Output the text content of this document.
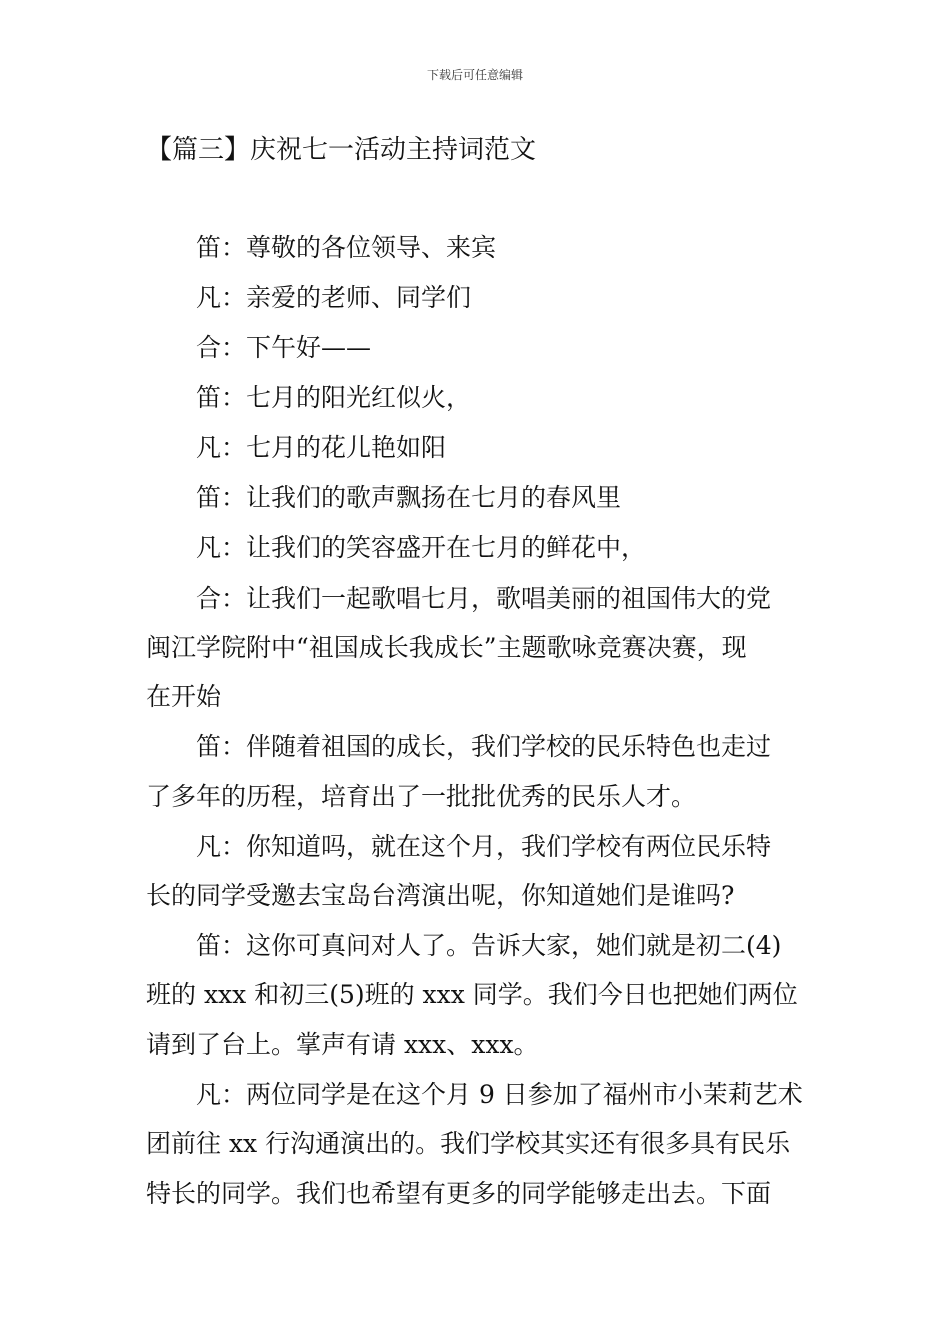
下载后可任意编辑
【篇三】庆祝七一活动主持词范文
笛：尊敬的各位领导、来宾
凡：亲爱的老师、同学们
合：下午好——
笛：七月的阳光红似火，
凡：七月的花儿艳如阳
笛：让我们的歌声飘扬在七月的春风里
凡：让我们的笑容盛开在七月的鲜花中，
合：让我们一起歌唱七月，歌唱美丽的祖国伟大的党
闽江学院附中“祖国成长我成长”主题歌咏竞赛决赛，现
在开始
笛：伴随着祖国的成长，我们学校的民乐特色也走过
了多年的历程，培育出了一批批优秀的民乐人才。
凡：你知道吗，就在这个月，我们学校有两位民乐特
长的同学受邀去宝岛台湾演出呢，你知道她们是谁吗?
笛：这你可真问对人了。告诉大家，她们就是初二(4)
班的 xxx 和初三(5)班的 xxx 同学。我们今日也把她们两位
请到了台上。掌声有请 xxx、xxx。
凡：两位同学是在这个月 9 日参加了福州市小茉莉艺术
团前往 xx 行沟通演出的。我们学校其实还有很多具有民乐
特长的同学。我们也希望有更多的同学能够走出去。下面
